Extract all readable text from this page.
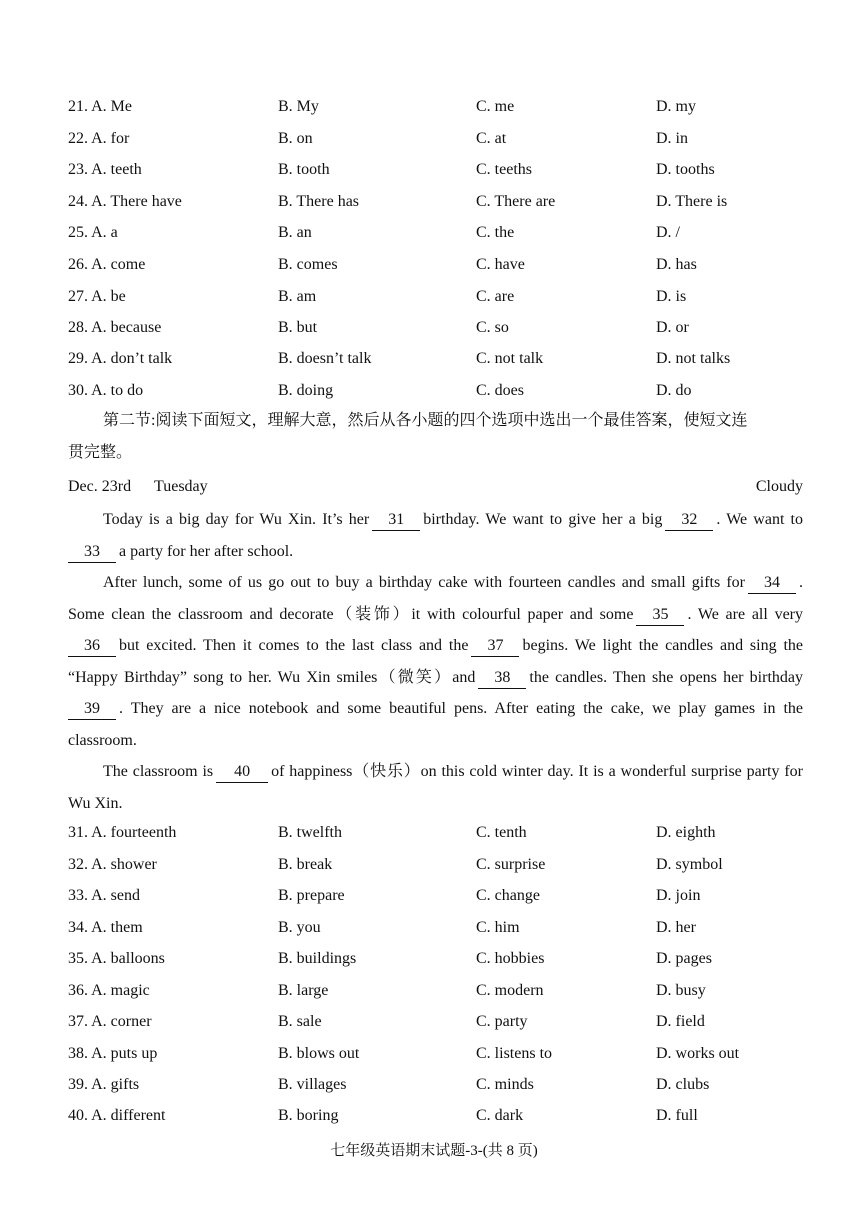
21. A. Me	B. My	C. me	D. my
22. A. for	B. on	C. at	D. in
23. A. teeth	B. tooth	C. teeths	D. tooths
24. A. There have	B. There has	C. There are	D. There is
25. A. a	B. an	C. the	D. /
26. A. come	B. comes	C. have	D. has
27. A. be	B. am	C. are	D. is
28. A. because	B. but	C. so	D. or
29. A. don’t talk	B. doesn’t talk	C. not talk	D. not talks
30. A. to do	B. doing	C. does	D. do
第二节:阅读下面短文，理解大意，然后从各小题的四个选项中选出一个最佳答案，使短文连
贯完整。
Dec. 23rd Tuesday	Cloudy
Today is a big day for Wu Xin. It’s her 31 birthday. We want to give her a big 32 . We want to 33 a party for her after school.
After lunch, some of us go out to buy a birthday cake with fourteen candles and small gifts for 34 . Some clean the classroom and decorate（装饰）it with colourful paper and some 35 . We are all very 36 but excited. Then it comes to the last class and the 37 begins. We light the candles and sing the “Happy Birthday” song to her. Wu Xin smiles（微笑）and 38 the candles. Then she opens her birthday 39 . They are a nice notebook and some beautiful pens. After eating the cake, we play games in the classroom.
The classroom is 40 of happiness（快乐）on this cold winter day. It is a wonderful surprise party for Wu Xin.
31. A. fourteenth	B. twelfth	C. tenth	D. eighth
32. A. shower	B. break	C. surprise	D. symbol
33. A. send	B. prepare	C. change	D. join
34. A. them	B. you	C. him	D. her
35. A. balloons	B. buildings	C. hobbies	D. pages
36. A. magic	B. large	C. modern	D. busy
37. A. corner	B. sale	C. party	D. field
38. A. puts up	B. blows out	C. listens to	D. works out
39. A. gifts	B. villages	C. minds	D. clubs
40. A. different	B. boring	C. dark	D. full
七年级英语期末试题-3-(共 8 页)
